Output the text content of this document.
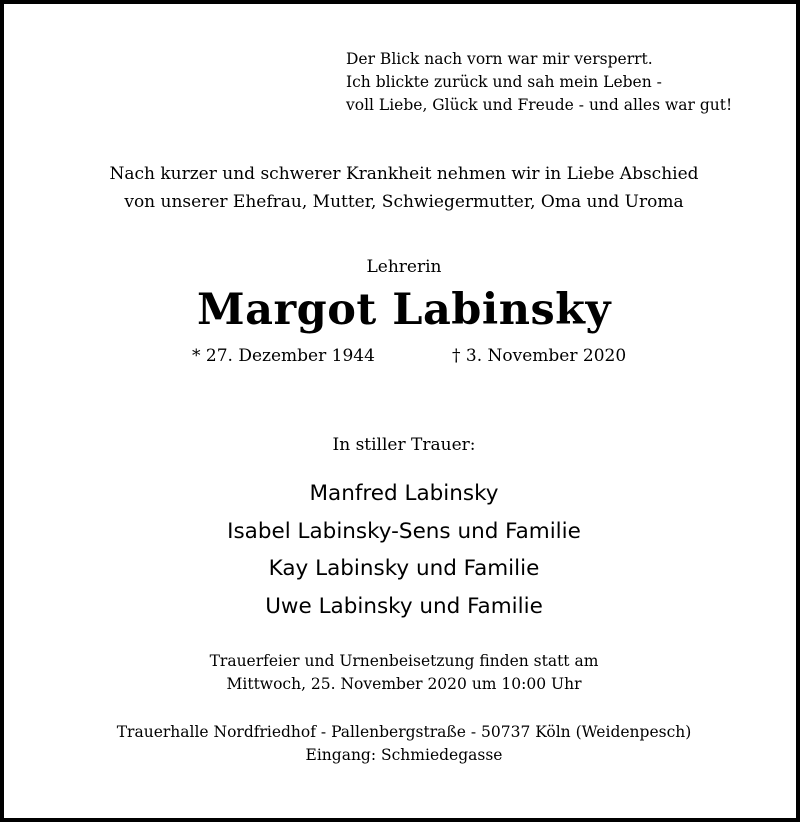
Der Blick nach vorn war mir versperrt.
Ich blickte zurück und sah mein Leben -
voll Liebe, Glück und Freude - und alles war gut!
Nach kurzer und schwerer Krankheit nehmen wir in Liebe Abschied
von unserer Ehefrau, Mutter, Schwiegermutter, Oma und Uroma
Lehrerin
Margot Labinsky
* 27. Dezember 1944	† 3. November 2020
In stiller Trauer:
Manfred Labinsky
Isabel Labinsky-Sens und Familie
Kay Labinsky und Familie
Uwe Labinsky und Familie
Trauerfeier und Urnenbeisetzung finden statt am
Mittwoch, 25. November 2020 um 10:00 Uhr
Trauerhalle Nordfriedhof - Pallenbergstraße - 50737 Köln (Weidenpesch)
Eingang: Schmiedegasse
